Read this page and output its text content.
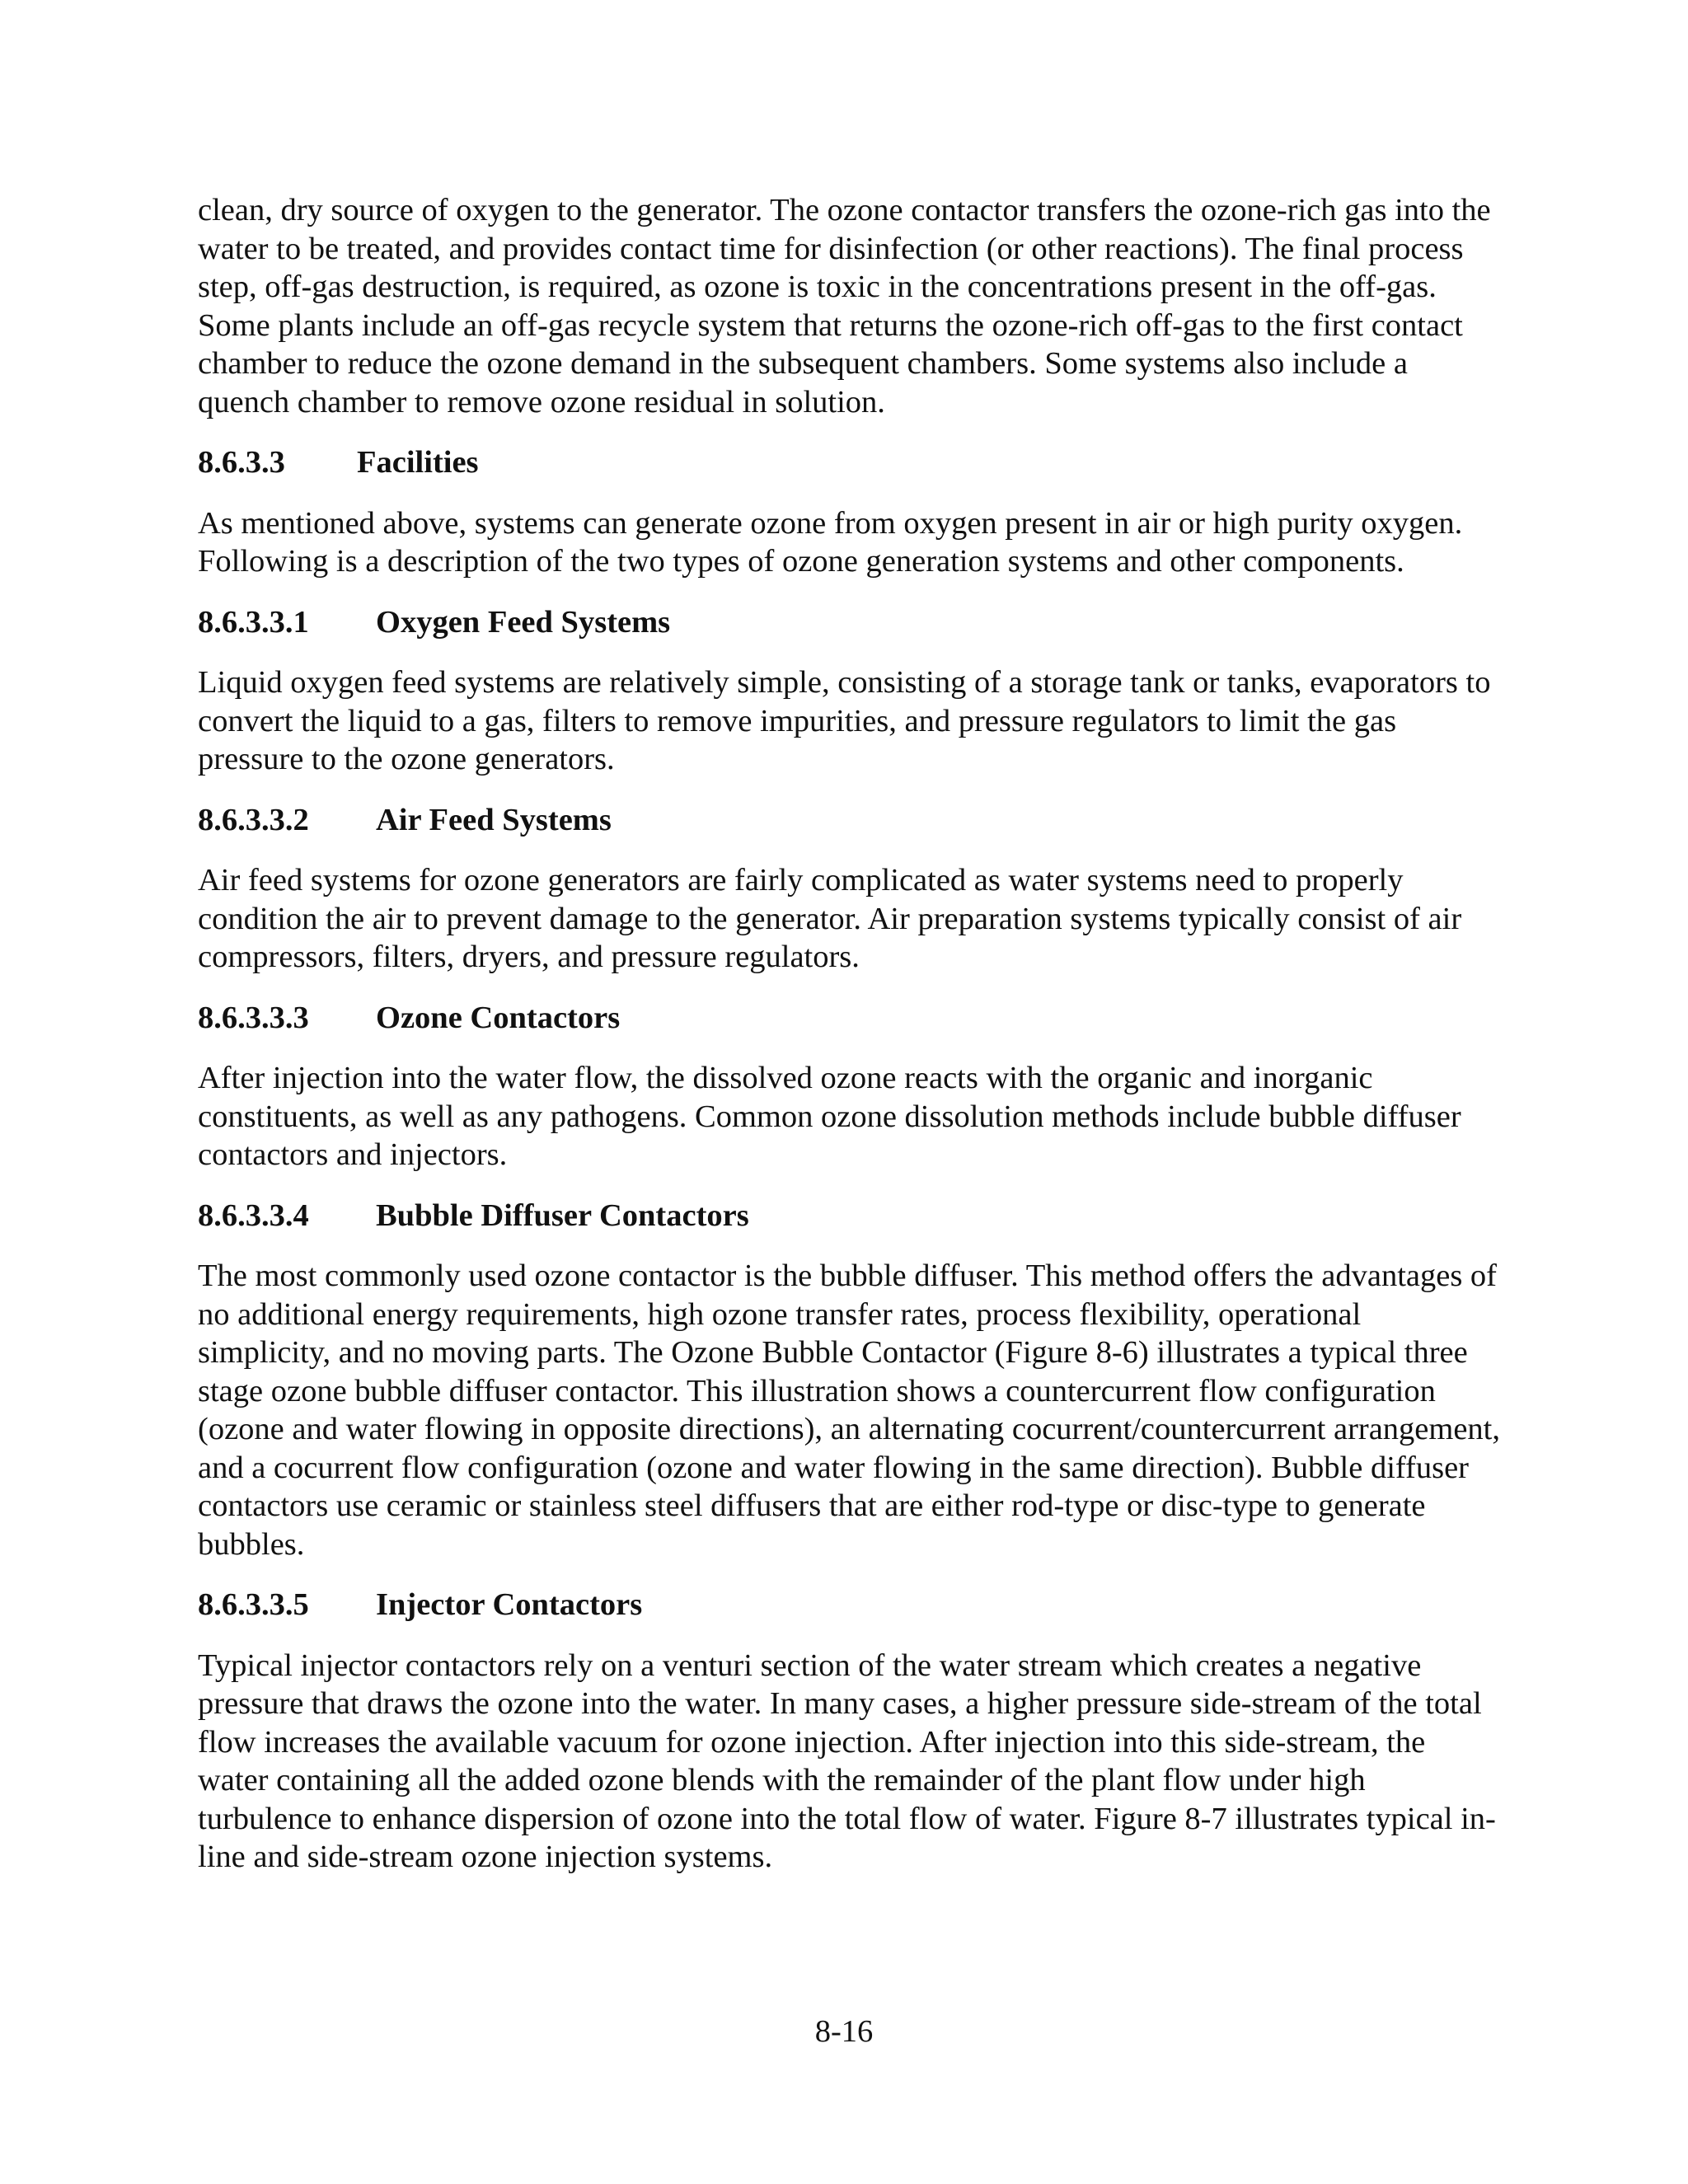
clean, dry source of oxygen to the generator. The ozone contactor transfers the ozone-rich gas into the water to be treated, and provides contact time for disinfection (or other reactions). The final process step, off-gas destruction, is required, as ozone is toxic in the concentrations present in the off-gas. Some plants include an off-gas recycle system that returns the ozone-rich off-gas to the first contact chamber to reduce the ozone demand in the subsequent chambers. Some systems also include a quench chamber to remove ozone residual in solution.

8.6.3.3 Facilities

As mentioned above, systems can generate ozone from oxygen present in air or high purity oxygen. Following is a description of the two types of ozone generation systems and other components.

8.6.3.3.1 Oxygen Feed Systems

Liquid oxygen feed systems are relatively simple, consisting of a storage tank or tanks, evaporators to convert the liquid to a gas, filters to remove impurities, and pressure regulators to limit the gas pressure to the ozone generators.

8.6.3.3.2 Air Feed Systems

Air feed systems for ozone generators are fairly complicated as water systems need to properly condition the air to prevent damage to the generator. Air preparation systems typically consist of air compressors, filters, dryers, and pressure regulators.

8.6.3.3.3 Ozone Contactors

After injection into the water flow, the dissolved ozone reacts with the organic and inorganic constituents, as well as any pathogens. Common ozone dissolution methods include bubble diffuser contactors and injectors.

8.6.3.3.4 Bubble Diffuser Contactors

The most commonly used ozone contactor is the bubble diffuser. This method offers the advantages of no additional energy requirements, high ozone transfer rates, process flexibility, operational simplicity, and no moving parts. The Ozone Bubble Contactor (Figure 8-6) illustrates a typical three stage ozone bubble diffuser contactor. This illustration shows a countercurrent flow configuration (ozone and water flowing in opposite directions), an alternating cocurrent/countercurrent arrangement, and a cocurrent flow configuration (ozone and water flowing in the same direction). Bubble diffuser contactors use ceramic or stainless steel diffusers that are either rod-type or disc-type to generate bubbles.

8.6.3.3.5 Injector Contactors

Typical injector contactors rely on a venturi section of the water stream which creates a negative pressure that draws the ozone into the water. In many cases, a higher pressure side-stream of the total flow increases the available vacuum for ozone injection. After injection into this side-stream, the water containing all the added ozone blends with the remainder of the plant flow under high turbulence to enhance dispersion of ozone into the total flow of water. Figure 8-7 illustrates typical in-line and side-stream ozone injection systems.

8-16
